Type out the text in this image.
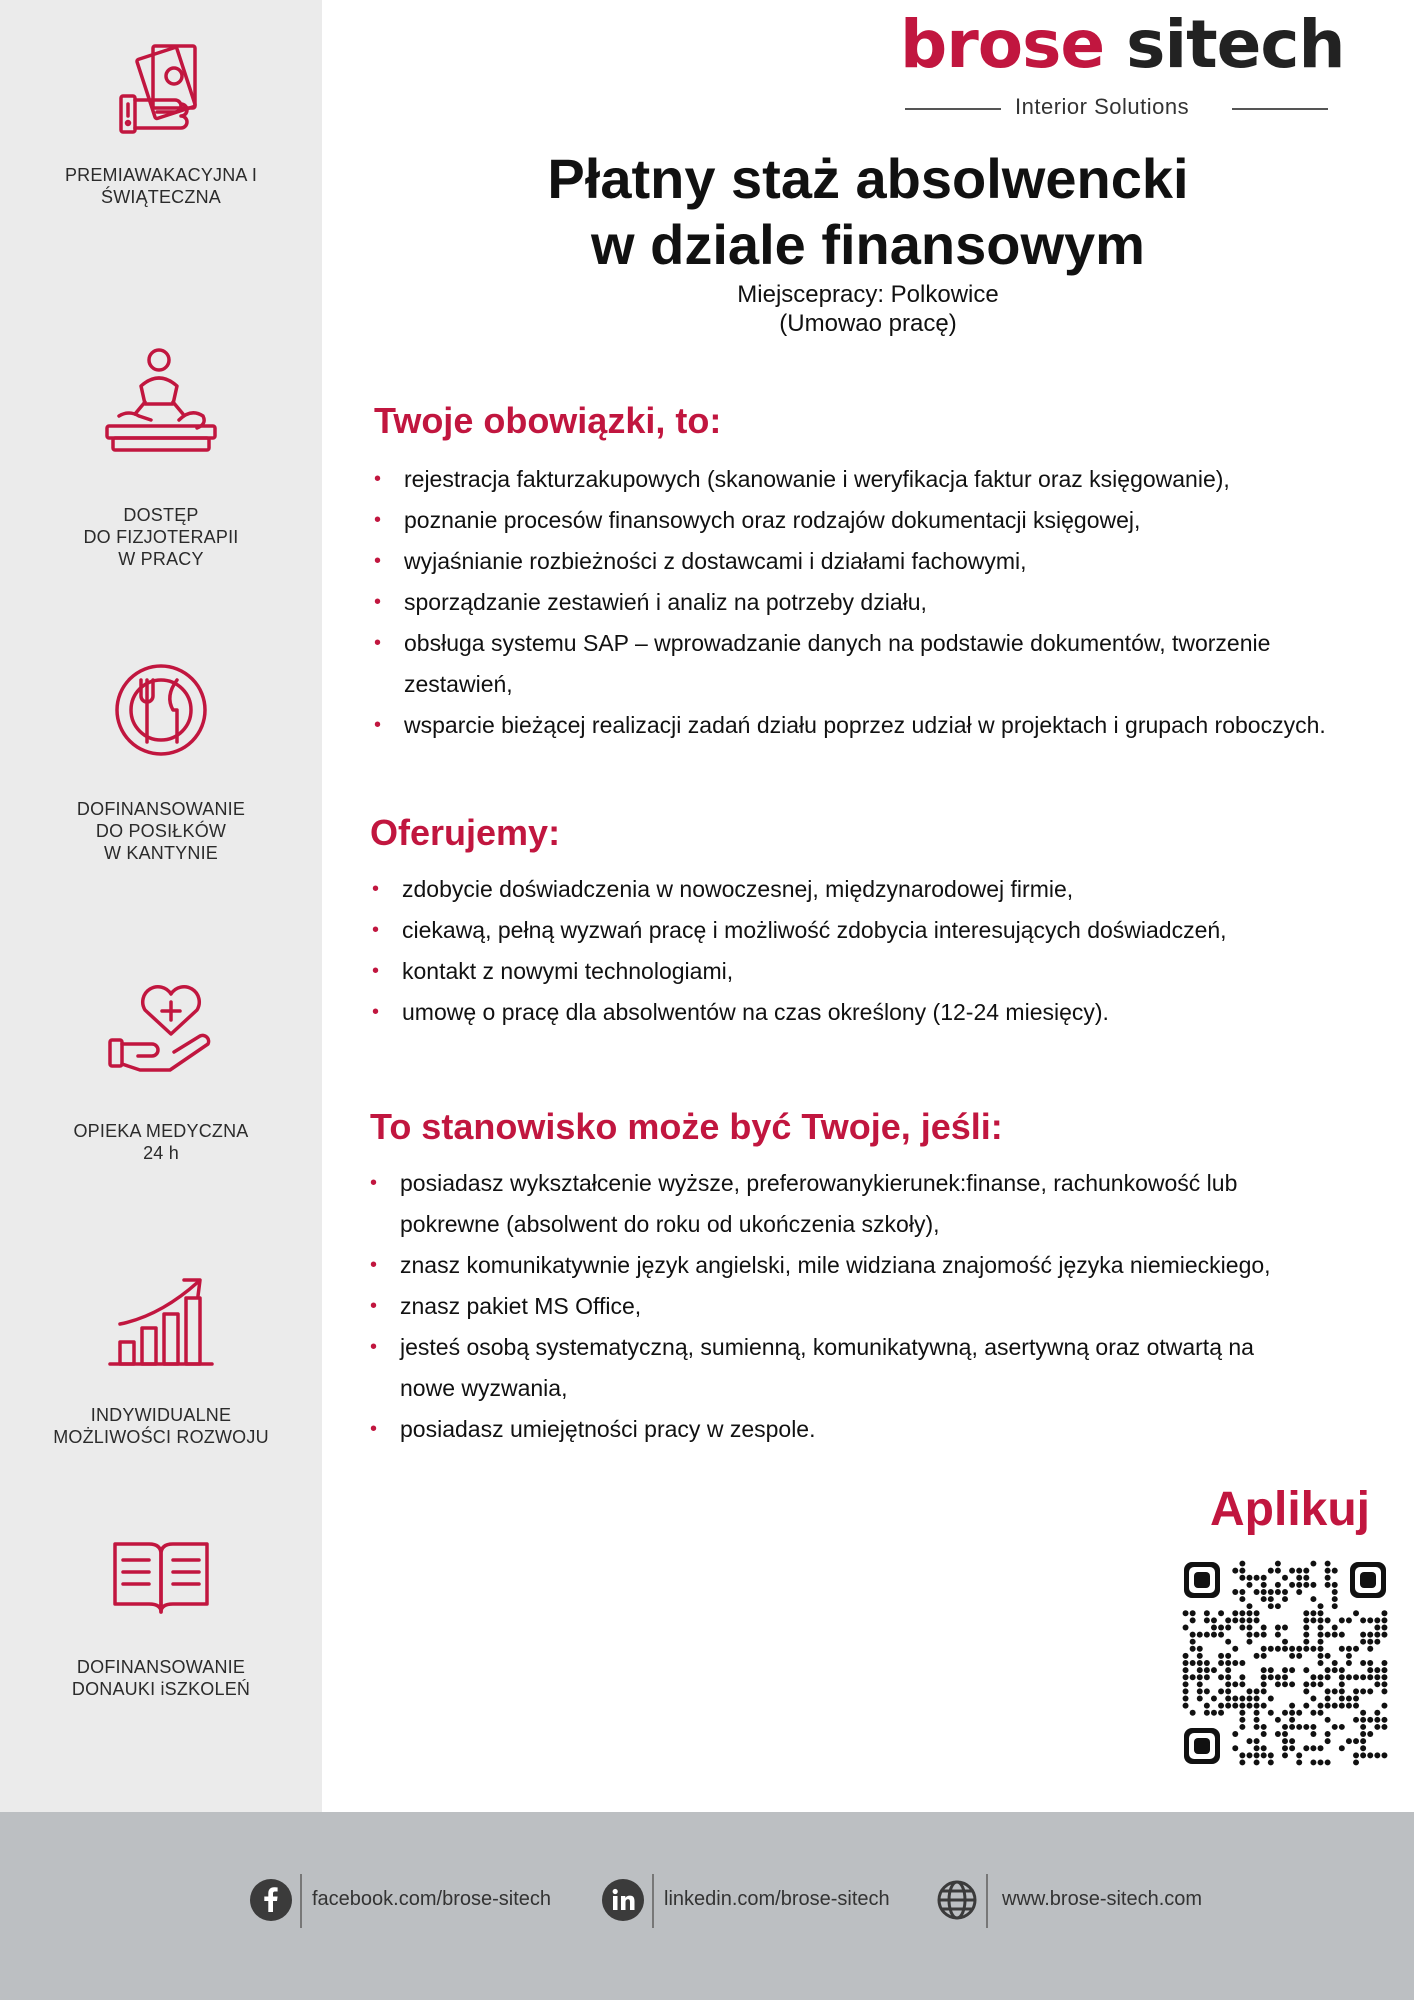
PREMIAWAKACYJNA I
ŚWIĄTECZNA
DOSTĘP
DO FIZJOTERAPII
W PRACY
DOFINANSOWANIE
DO POSIŁKÓW
W KANTYNIE
OPIEKA MEDYCZNA
24 h
INDYWIDUALNE
MOŻLIWOŚCI ROZWOJU
DOFINANSOWANIE
DONAUKI iSZKOLEŃ
brose sitech
Interior Solutions
Płatny staż absolwencki
w dziale finansowym
Miejscepracy: Polkowice
(Umowao pracę)
Twoje obowiązki, to:
• rejestracja fakturzakupowych (skanowanie i weryfikacja faktur oraz księgowanie),
• poznanie procesów finansowych oraz rodzajów dokumentacji księgowej,
• wyjaśnianie rozbieżności z dostawcami i działami fachowymi,
• sporządzanie zestawień i analiz na potrzeby działu,
• obsługa systemu SAP – wprowadzanie danych na podstawie dokumentów, tworzenie zestawień,
• wsparcie bieżącej realizacji zadań działu poprzez udział w projektach i grupach roboczych.
Oferujemy:
• zdobycie doświadczenia w nowoczesnej, międzynarodowej firmie,
• ciekawą, pełną wyzwań pracę i możliwość zdobycia interesujących doświadczeń,
• kontakt z nowymi technologiami,
• umowę o pracę dla absolwentów na czas określony (12-24 miesięcy).
To stanowisko może być Twoje, jeśli:
• posiadasz wykształcenie wyższe, preferowanykierunek:finanse, rachunkowość lub pokrewne (absolwent do roku od ukończenia szkoły),
• znasz komunikatywnie język angielski, mile widziana znajomość języka niemieckiego,
• znasz pakiet MS Office,
• jesteś osobą systematyczną, sumienną, komunikatywną, asertywną oraz otwartą na nowe wyzwania,
• posiadasz umiejętności pracy w zespole.
Aplikuj
facebook.com/brose-sitech	linkedin.com/brose-sitech	www.brose-sitech.com
